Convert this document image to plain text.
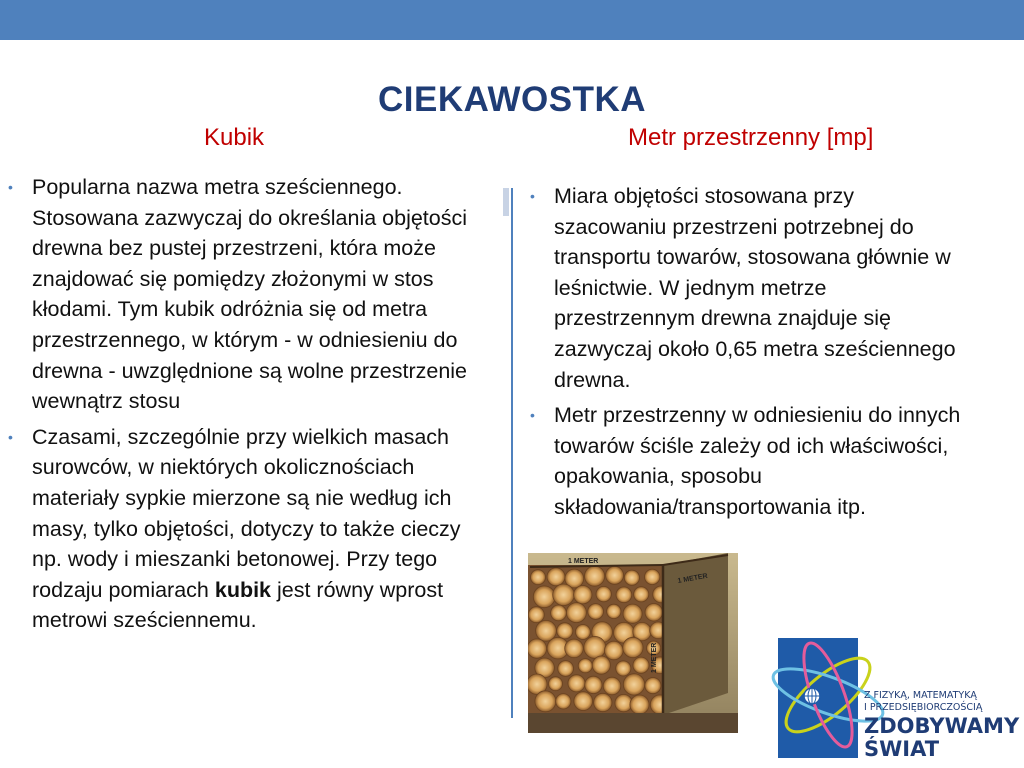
CIEKAWOSTKA
Kubik	Metr przestrzenny [mp]
• Popularna nazwa metra sześciennego. Stosowana zazwyczaj do określania objętości drewna bez pustej przestrzeni, która może znajdować się pomiędzy złożonymi w stos kłodami. Tym kubik odróżnia się od metra przestrzennego, w którym - w odniesieniu do drewna - uwzględnione są wolne przestrzenie wewnątrz stosu
• Czasami, szczególnie przy wielkich masach surowców, w niektórych okolicznościach materiały sypkie mierzone są nie według ich masy, tylko objętości, dotyczy to także cieczy np. wody i mieszanki betonowej. Przy tego rodzaju pomiarach kubik jest równy wprost metrowi sześciennemu.
• Miara objętości stosowana przy szacowaniu przestrzeni potrzebnej do transportu towarów, stosowana głównie w leśnictwie. W jednym metrze przestrzennym drewna znajduje się zazwyczaj około 0,65 metra sześciennego drewna.
• Metr przestrzenny w odniesieniu do innych towarów ściśle zależy od ich właściwości, opakowania, sposobu składowania/transportowania itp.
1 METER
1 METER
1 METER
Z FIZYKĄ, MATEMATYKĄ
I PRZEDSIĘBIORCZOŚCIĄ
ZDOBYWAMY
ŚWIAT
